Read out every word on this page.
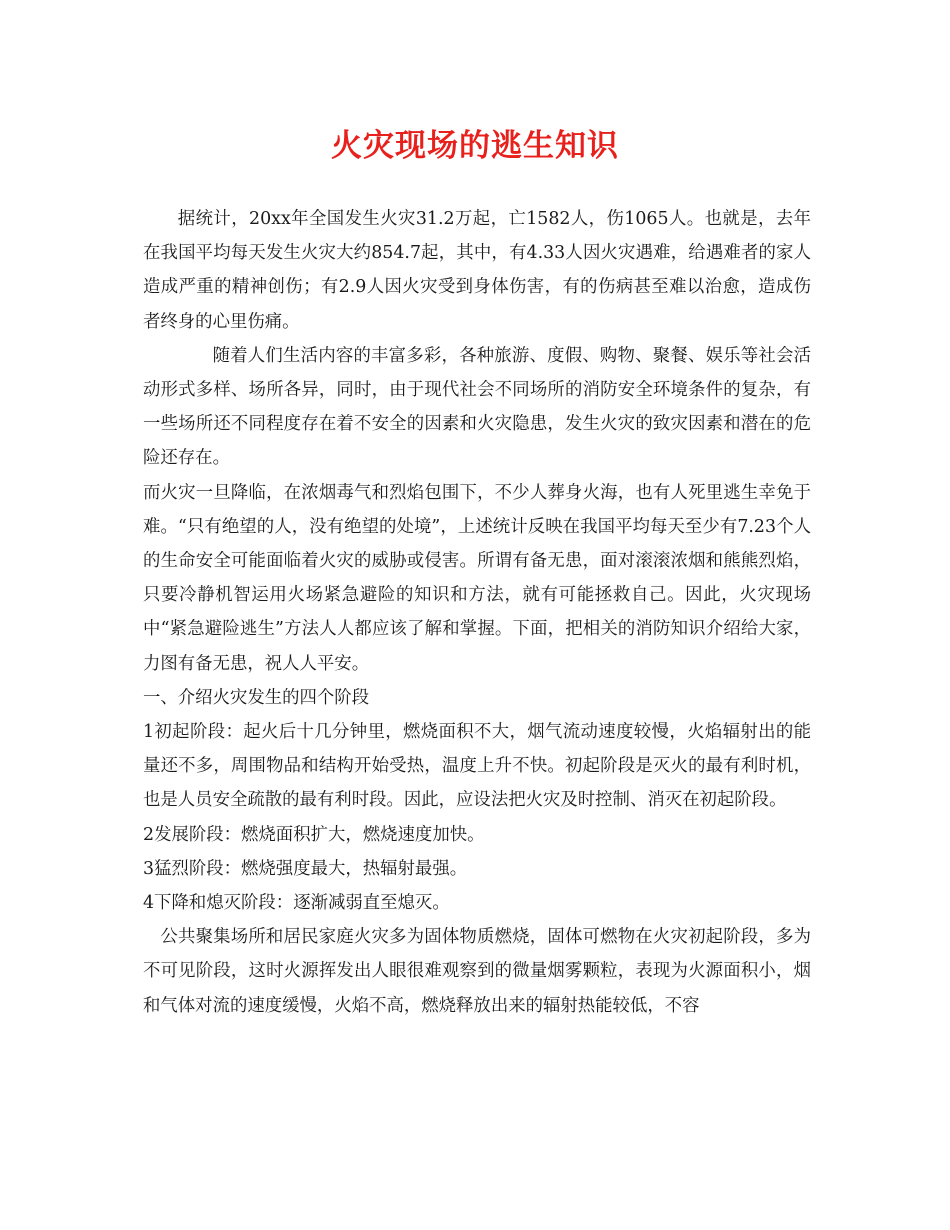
火灾现场的逃生知识

据统计，20xx年全国发生火灾31.2万起，亡1582人，伤1065人。也就是，去年在我国平均每天发生火灾大约854.7起，其中，有4.33人因火灾遇难，给遇难者的家人造成严重的精神创伤；有2.9人因火灾受到身体伤害，有的伤病甚至难以治愈，造成伤者终身的心里伤痛。

随着人们生活内容的丰富多彩，各种旅游、度假、购物、聚餐、娱乐等社会活动形式多样、场所各异，同时，由于现代社会不同场所的消防安全环境条件的复杂，有一些场所还不同程度存在着不安全的因素和火灾隐患，发生火灾的致灾因素和潜在的危险还存在。

而火灾一旦降临，在浓烟毒气和烈焰包围下，不少人葬身火海，也有人死里逃生幸免于难。“只有绝望的人，没有绝望的处境”，上述统计反映在我国平均每天至少有7.23个人的生命安全可能面临着火灾的威胁或侵害。所谓有备无患，面对滚滚浓烟和熊熊烈焰，只要冷静机智运用火场紧急避险的知识和方法，就有可能拯救自己。因此，火灾现场中“紧急避险逃生”方法人人都应该了解和掌握。下面，把相关的消防知识介绍给大家，力图有备无患，祝人人平安。

一、介绍火灾发生的四个阶段

1初起阶段：起火后十几分钟里，燃烧面积不大，烟气流动速度较慢，火焰辐射出的能量还不多，周围物品和结构开始受热，温度上升不快。初起阶段是灭火的最有利时机，也是人员安全疏散的最有利时段。因此，应设法把火灾及时控制、消灭在初起阶段。

2发展阶段：燃烧面积扩大，燃烧速度加快。

3猛烈阶段：燃烧强度最大，热辐射最强。

4下降和熄灭阶段：逐渐减弱直至熄灭。

公共聚集场所和居民家庭火灾多为固体物质燃烧，固体可燃物在火灾初起阶段，多为不可见阶段，这时火源挥发出人眼很难观察到的微量烟雾颗粒，表现为火源面积小，烟和气体对流的速度缓慢，火焰不高，燃烧释放出来的辐射热能较低，不容
